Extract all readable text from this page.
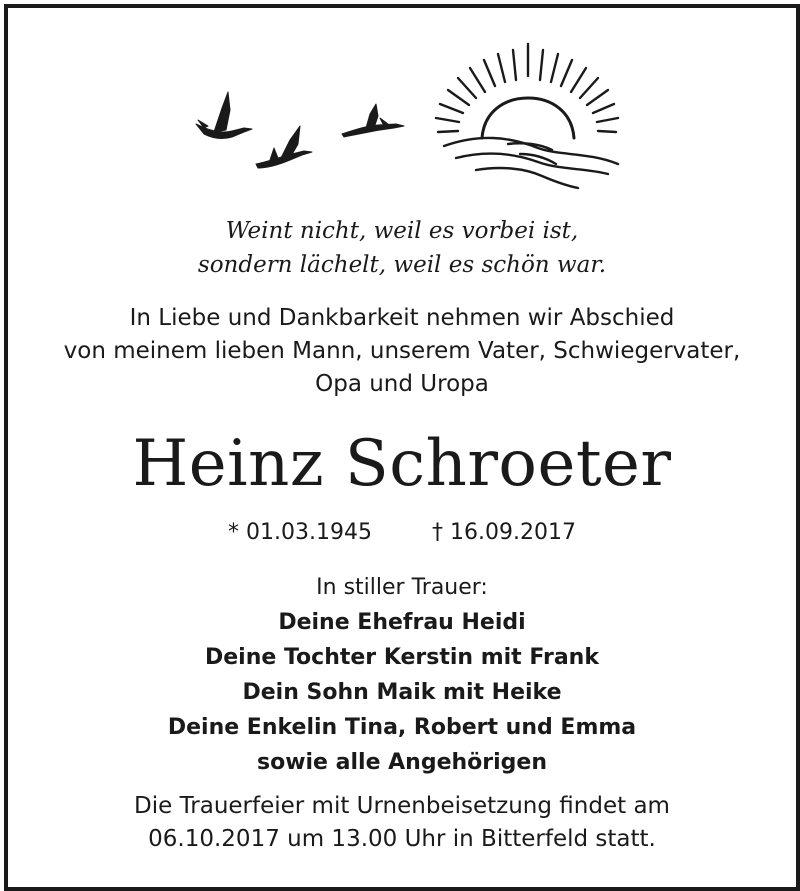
Weint nicht, weil es vorbei ist,
sondern lächelt, weil es schön war.
In Liebe und Dankbarkeit nehmen wir Abschied
von meinem lieben Mann, unserem Vater, Schwiegervater,
Opa und Uropa
Heinz Schroeter
* 01.03.1945	† 16.09.2017
In stiller Trauer:
Deine Ehefrau Heidi
Deine Tochter Kerstin mit Frank
Dein Sohn Maik mit Heike
Deine Enkelin Tina, Robert und Emma
sowie alle Angehörigen
Die Trauerfeier mit Urnenbeisetzung findet am
06.10.2017 um 13.00 Uhr in Bitterfeld statt.
